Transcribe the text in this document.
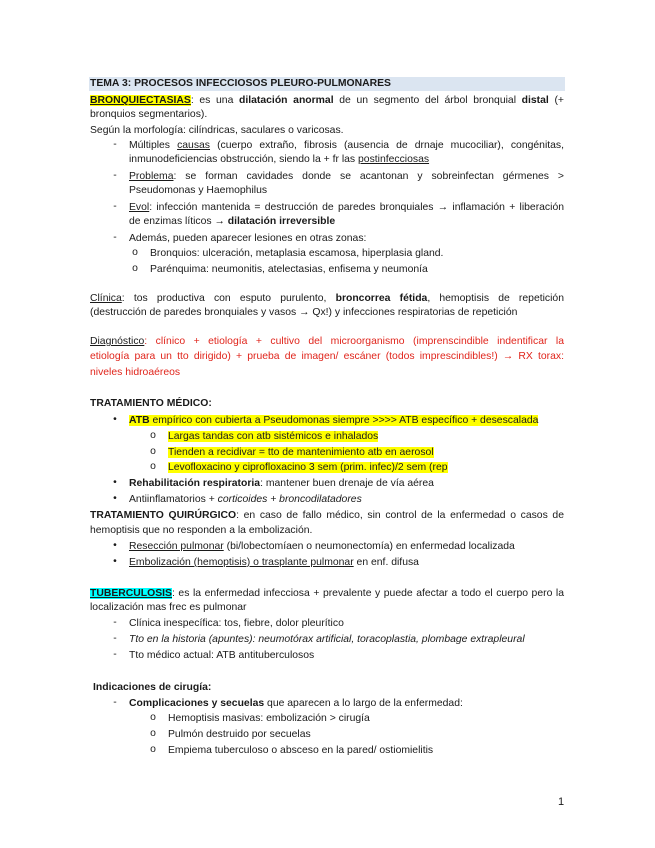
TEMA 3: PROCESOS INFECCIOSOS PLEURO-PULMONARES
BRONQUIECTASIAS: es una dilatación anormal de un segmento del árbol bronquial distal (+
bronquios segmentarios).
Según la morfología: cilíndricas, saculares o varicosas.
-	Múltiples causas (cuerpo extraño, fibrosis (ausencia de drnaje mucociliar), congénitas,
inmunodeficiencias obstrucción, siendo la + fr las postinfecciosas
-	Problema: se forman cavidades donde se acantonan y sobreinfectan gérmenes >
Pseudomonas y Haemophilus
-	Evol: infección mantenida = destrucción de paredes bronquiales → inflamación + liberación
de enzimas líticos → dilatación irreversible
-	Además, pueden aparecer lesiones en otras zonas:
o	Bronquios: ulceración, metaplasia escamosa, hiperplasia gland.
o	Parénquima: neumonitis, atelectasias, enfisema y neumonía
Clínica: tos productiva con esputo purulento, broncorrea fétida, hemoptisis de repetición
(destrucción de paredes bronquiales y vasos → Qx!) y infecciones respiratorias de repetición
Diagnóstico: clínico + etiología + cultivo del microorganismo (imprenscindible indentificar la
etiología para un tto dirigido) + prueba de imagen/ escáner (todos imprescindibles!) → RX torax:
niveles hidroaéreos
TRATAMIENTO MÉDICO:
•	ATB empírico con cubierta a Pseudomonas siempre >>>> ATB específico + desescalada
o	Largas tandas con atb sistémicos e inhalados
o	Tienden a recidivar = tto de mantenimiento atb en aerosol
o	Levofloxacino y ciprofloxacino 3 sem (prim. infec)/2 sem (rep
•	Rehabilitación respiratoria: mantener buen drenaje de vía aérea
•	Antiinflamatorios + corticoides + broncodilatadores
TRATAMIENTO QUIRÚRGICO: en caso de fallo médico, sin control de la enfermedad o casos de
hemoptisis que no responden a la embolización.
•	Resección pulmonar (bi/lobectomíaen o neumonectomía) en enfermedad localizada
•	Embolización (hemoptisis) o trasplante pulmonar en enf. difusa
TUBERCULOSIS: es la enfermedad infecciosa + prevalente y puede afectar a todo el cuerpo pero la
localización mas frec es pulmonar
-	Clínica inespecífica: tos, fiebre, dolor pleurítico
-	Tto en la historia (apuntes): neumotórax artificial, toracoplastia, plombage extrapleural
-	Tto médico actual: ATB antituberculosos
Indicaciones de cirugía:
-	Complicaciones y secuelas que aparecen a lo largo de la enfermedad:
o	Hemoptisis masivas: embolización > cirugía
o	Pulmón destruido por secuelas
o	Empiema tuberculoso o absceso en la pared/ ostiomielitis
1
